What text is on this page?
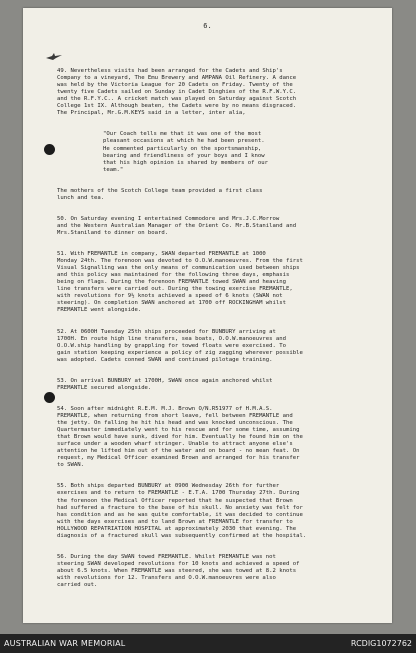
6.

49. Nevertheless visits had been arranged for the Cadets and Ship's
Company to a vineyard, The Emu Brewery and AMPANA Oil Refinery. A dance
was held by the Victoria League for 20 Cadets on Friday. Twenty of the
twenty five Cadets sailed on Sunday in Cadet Dinghies of the R.F.W.Y.C.
and the R.F.Y.C.. A cricket match was played on Saturday against Scotch
College 1st IX. Although beaten, the Cadets were by no means disgraced.
The Principal, Mr.G.M.KEYS said in a letter, inter alia,

"Our Coach tells me that it was one of the most
pleasant occasions at which he had been present.
He commented particularly on the sportsmanship,
bearing and friendliness of your boys and I know
that his high opinion is shared by members of our
team."

The mothers of the Scotch College team provided a first class
lunch and tea.

50. On Saturday evening I entertained Commodore and Mrs.J.C.Morrow
and the Western Australian Manager of the Orient Co. Mr.B.Staniland and
Mrs.Staniland to dinner on board.

51. With FREMANTLE in company, SWAN departed FREMANTLE at 1000
Monday 24th. The forenoon was devoted to O.O.W.manoeuvres. From the first
Visual Signalling was the only means of communication used between ships
and this policy was maintained for the following three days, emphasis
being on flags. During the forenoon FREMANTLE towed SWAN and heaving
line transfers were carried out. During the towing exercise FREMANTLE,
with revolutions for 9½ knots achieved a speed of 6 knots (SWAN not
steering). On completion SWAN anchored at 1700 off ROCKINGHAM whilst
FREMANTLE went alongside.

52. At 0600H Tuesday 25th ships proceeded for BUNBURY arriving at
1700H. En route high line transfers, sea boats, O.O.W.manoeuvres and
O.O.W.ship handling by grappling for towed floats were exercised. To
gain station keeping experience a policy of zig zagging wherever possible
was adopted. Cadets conned SWAN and continued pilotage training.

53. On arrival BUNBURY at 1700H, SWAN once again anchored whilst
FREMANTLE secured alongside.

54. Soon after midnight R.E.M. M.J. Brown O/N.R51977 of H.M.A.S.
FREMANTLE, when returning from short leave, fell between FREMANTLE and
the jetty. On falling he hit his head and was knocked unconscious. The
Quartermaster immediately went to his rescue and for some time, assuming
that Brown would have sunk, dived for him. Eventually he found him on the
surface under a wooden wharf stringer. Unable to attract anyone else's
attention he lifted him out of the water and on board - no mean feat. On
request, my Medical Officer examined Brown and arranged for his transfer
to SWAN.

55. Both ships departed BUNBURY at 0900 Wednesday 26th for further
exercises and to return to FREMANTLE - E.T.A. 1700 Thursday 27th. During
the forenoon the Medical Officer reported that he suspected that Brown
had suffered a fracture to the base of his skull. No anxiety was felt for
has condition and as he was quite comfortable, it was decided to continue
with the days exercises and to land Brown at FREMANTLE for transfer to
HOLLYWOOD REPATRIATION HOSPITAL at approximately 2030 that evening. The
diagnosis of a fractured skull was subsequently confirmed at the hospital.

56. During the day SWAN towed FREMANTLE. Whilst FREMANTLE was not
steering SWAN developed revolutions for 10 knots and achieved a speed of
about 6.5 knots. When FREMANTLE was steered, she was towed at 8.2 knots
with revolutions for 12. Transfers and O.O.W.manoeuvres were also
carried out.

AUSTRALIAN WAR MEMORIAL	RCDIG1072762
